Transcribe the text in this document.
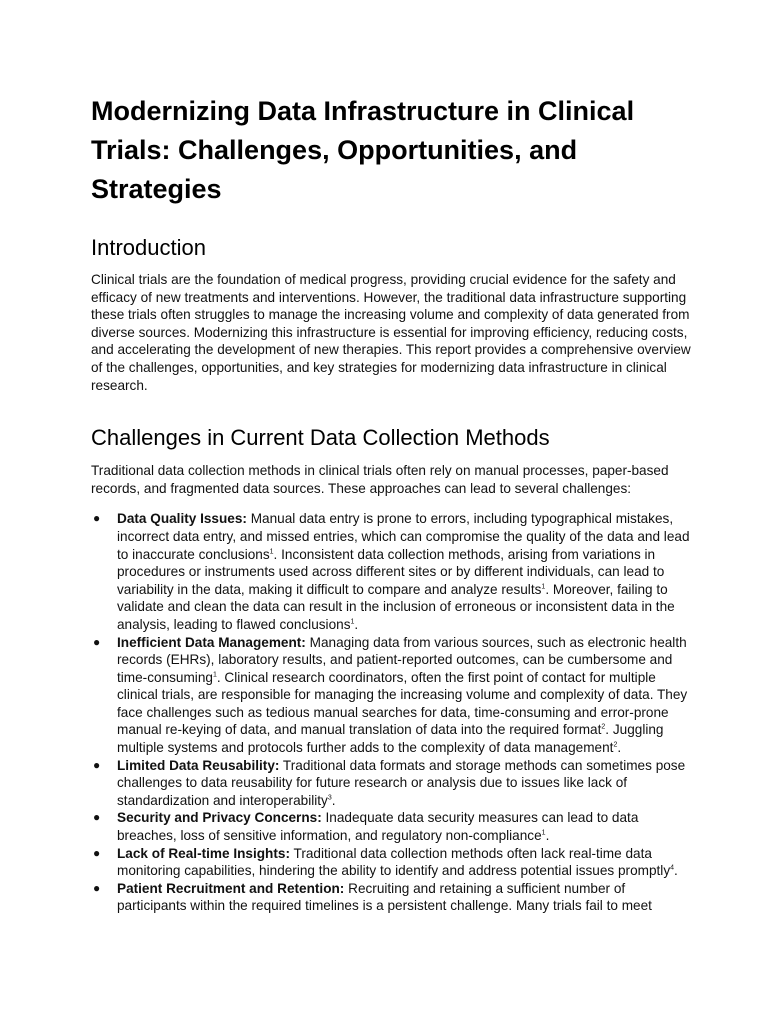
Modernizing Data Infrastructure in Clinical Trials: Challenges, Opportunities, and Strategies
Introduction

Clinical trials are the foundation of medical progress, providing crucial evidence for the safety and efficacy of new treatments and interventions. However, the traditional data infrastructure supporting these trials often struggles to manage the increasing volume and complexity of data generated from diverse sources. Modernizing this infrastructure is essential for improving efficiency, reducing costs, and accelerating the development of new therapies. This report provides a comprehensive overview of the challenges, opportunities, and key strategies for modernizing data infrastructure in clinical research.

Challenges in Current Data Collection Methods

Traditional data collection methods in clinical trials often rely on manual processes, paper-based records, and fragmented data sources. These approaches can lead to several challenges:

● Data Quality Issues: Manual data entry is prone to errors, including typographical mistakes, incorrect data entry, and missed entries, which can compromise the quality of the data and lead to inaccurate conclusions$^1$. Inconsistent data collection methods, arising from variations in procedures or instruments used across different sites or by different individuals, can lead to variability in the data, making it difficult to compare and analyze results$^1$. Moreover, failing to validate and clean the data can result in the inclusion of erroneous or inconsistent data in the analysis, leading to flawed conclusions$^1$.
● Inefficient Data Management: Managing data from various sources, such as electronic health records (EHRs), laboratory results, and patient-reported outcomes, can be cumbersome and time-consuming$^1$. Clinical research coordinators, often the first point of contact for multiple clinical trials, are responsible for managing the increasing volume and complexity of data. They face challenges such as tedious manual searches for data, time-consuming and error-prone manual re-keying of data, and manual translation of data into the required format$^2$. Juggling multiple systems and protocols further adds to the complexity of data management$^2$.
● Limited Data Reusability: Traditional data formats and storage methods can sometimes pose challenges to data reusability for future research or analysis due to issues like lack of standardization and interoperability$^3$.
● Security and Privacy Concerns: Inadequate data security measures can lead to data breaches, loss of sensitive information, and regulatory non-compliance$^1$.
● Lack of Real-time Insights: Traditional data collection methods often lack real-time data monitoring capabilities, hindering the ability to identify and address potential issues promptly$^4$.
● Patient Recruitment and Retention: Recruiting and retaining a sufficient number of participants within the required timelines is a persistent challenge. Many trials fail to meet
